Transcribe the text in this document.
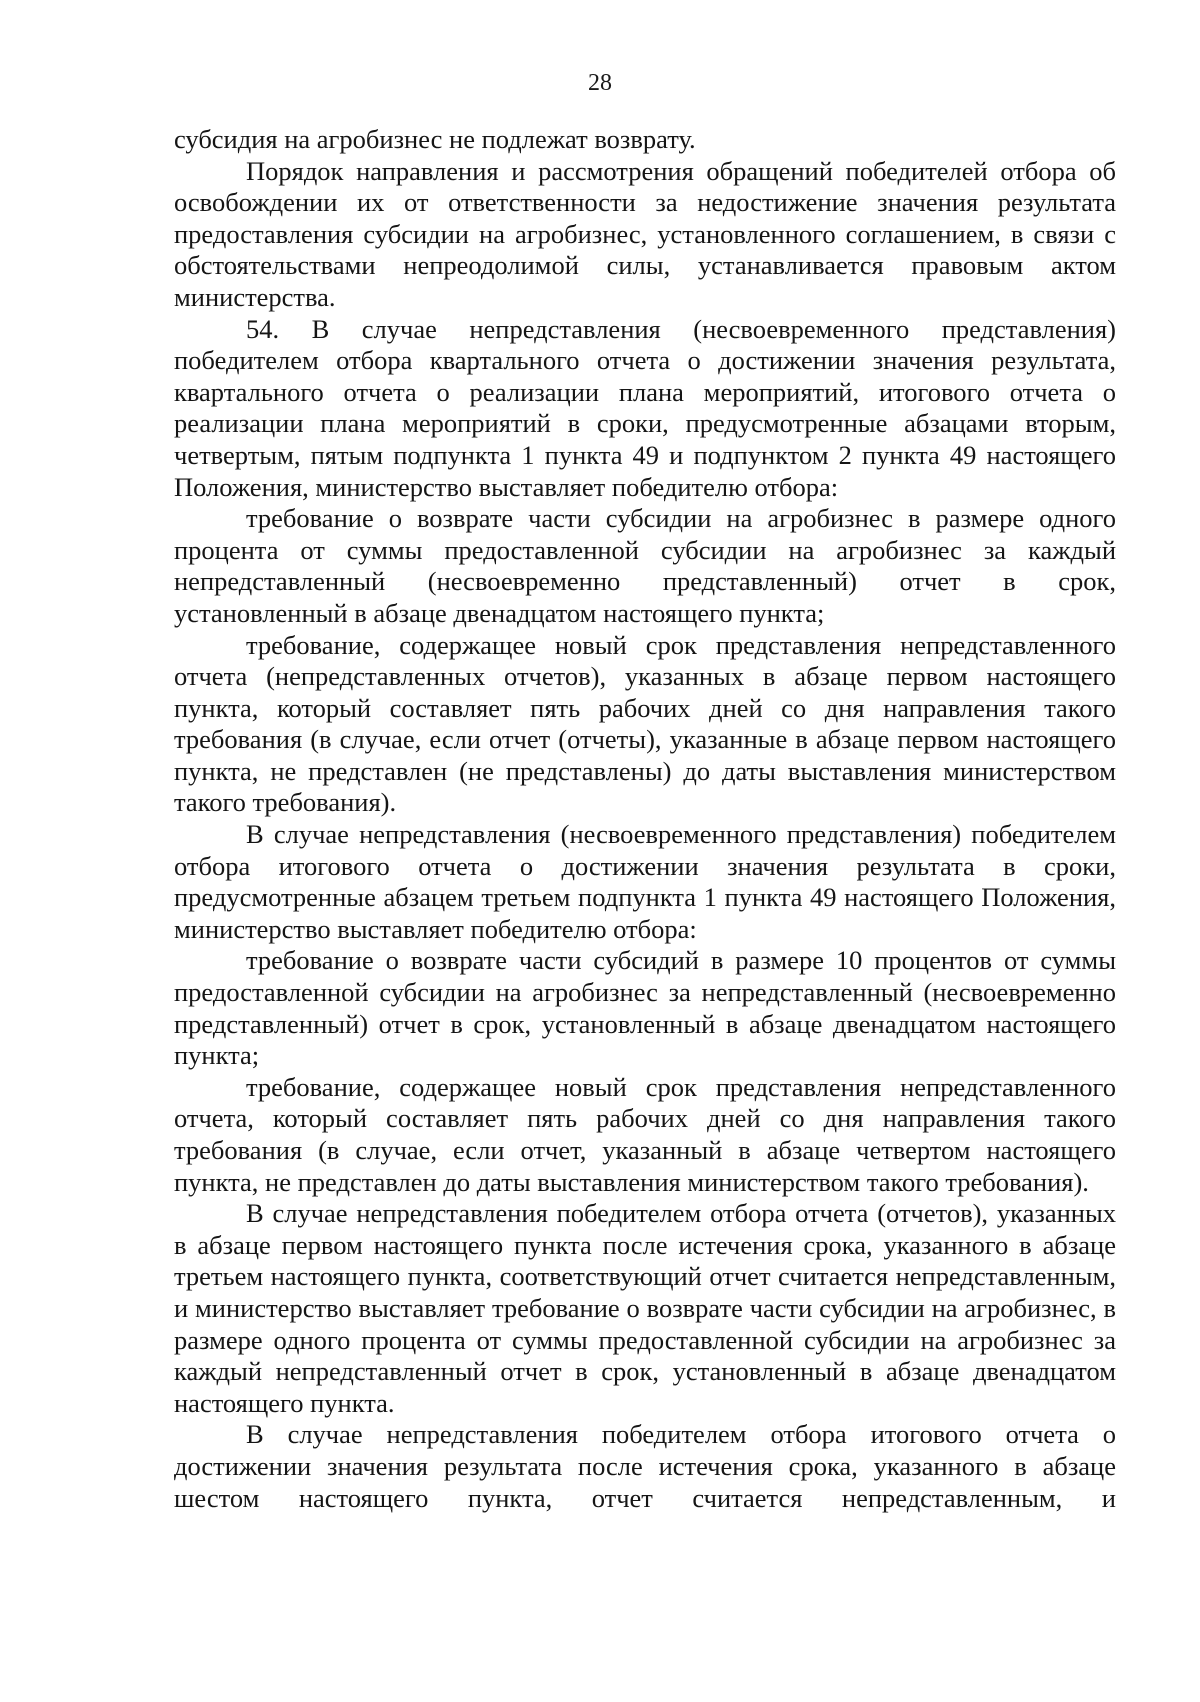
28

субсидия на агробизнес не подлежат возврату.

Порядок направления и рассмотрения обращений победителей отбора об освобождении их от ответственности за недостижение значения результата предоставления субсидии на агробизнес, установленного соглашением, в связи с обстоятельствами непреодолимой силы, устанавливается правовым актом министерства.

54. В случае непредставления (несвоевременного представления) победителем отбора квартального отчета о достижении значения результата, квартального отчета о реализации плана мероприятий, итогового отчета о реализации плана мероприятий в сроки, предусмотренные абзацами вторым, четвертым, пятым подпункта 1 пункта 49 и подпунктом 2 пункта 49 настоящего Положения, министерство выставляет победителю отбора:

требование о возврате части субсидии на агробизнес в размере одного процента от суммы предоставленной субсидии на агробизнес за каждый непредставленный (несвоевременно представленный) отчет в срок, установленный в абзаце двенадцатом настоящего пункта;

требование, содержащее новый срок представления непредставленного отчета (непредставленных отчетов), указанных в абзаце первом настоящего пункта, который составляет пять рабочих дней со дня направления такого требования (в случае, если отчет (отчеты), указанные в абзаце первом настоящего пункта, не представлен (не представлены) до даты выставления министерством такого требования).

В случае непредставления (несвоевременного представления) победителем отбора итогового отчета о достижении значения результата в сроки, предусмотренные абзацем третьем подпункта 1 пункта 49 настоящего Положения, министерство выставляет победителю отбора:

требование о возврате части субсидий в размере 10 процентов от суммы предоставленной субсидии на агробизнес за непредставленный (несвоевременно представленный) отчет в срок, установленный в абзаце двенадцатом настоящего пункта;

требование, содержащее новый срок представления непредставленного отчета, который составляет пять рабочих дней со дня направления такого требования (в случае, если отчет, указанный в абзаце четвертом настоящего пункта, не представлен до даты выставления министерством такого требования).

В случае непредставления победителем отбора отчета (отчетов), указанных в абзаце первом настоящего пункта после истечения срока, указанного в абзаце третьем настоящего пункта, соответствующий отчет считается непредставленным, и министерство выставляет требование о возврате части субсидии на агробизнес, в размере одного процента от суммы предоставленной субсидии на агробизнес за каждый непредставленный отчет в срок, установленный в абзаце двенадцатом настоящего пункта.

В случае непредставления победителем отбора итогового отчета о достижении значения результата после истечения срока, указанного в абзаце шестом настоящего пункта, отчет считается непредставленным, и
